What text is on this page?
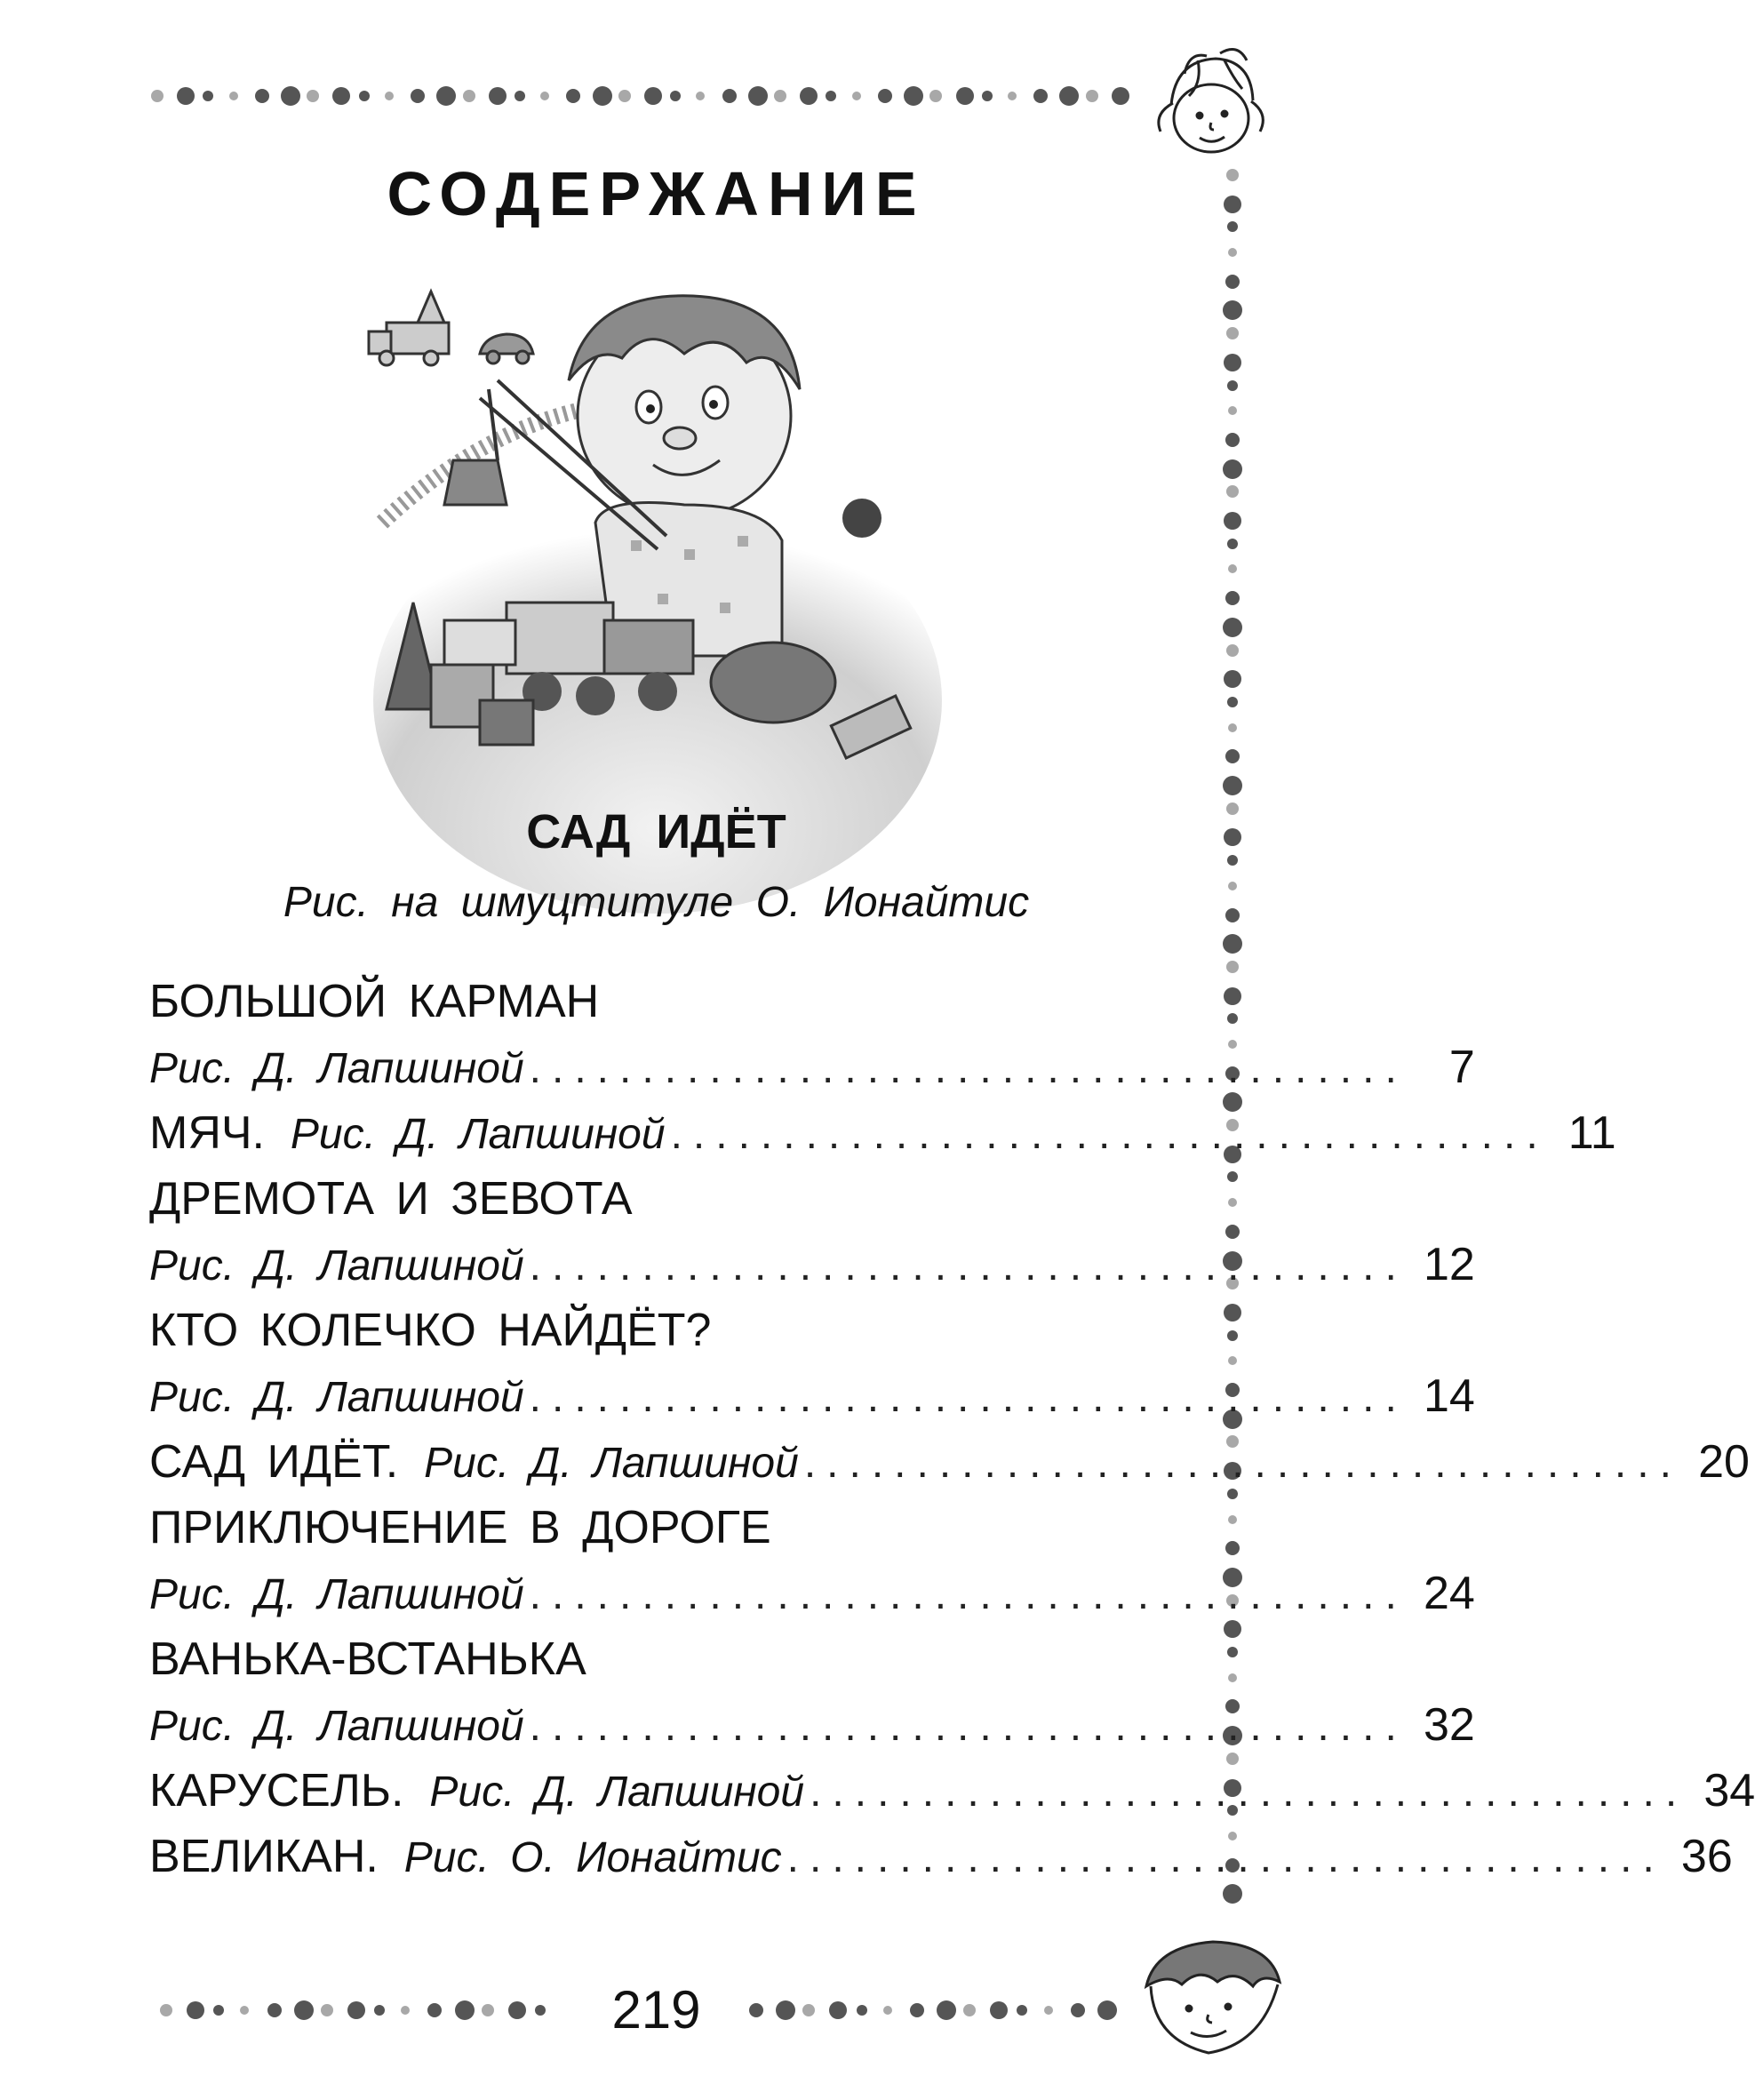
СОДЕРЖАНИЕ
САД ИДЁТ
Рис. на шмуцтитуле О. Ионайтис
БОЛЬШОЙ КАРМАН
Рис. Д. Лапшиной ....................................... 7
МЯЧ.
Рис. Д. Лапшиной ....................................... 11
ДРЕМОТА И ЗЕВОТА
Рис. Д. Лапшиной ....................................... 12
КТО КОЛЕЧКО НАЙДЁТ?
Рис. Д. Лапшиной ....................................... 14
САД ИДЁТ.
Рис. Д. Лапшиной ....................................... 20
ПРИКЛЮЧЕНИЕ В ДОРОГЕ
Рис. Д. Лапшиной ....................................... 24
ВАНЬКА-ВСТАНЬКА
Рис. Д. Лапшиной ....................................... 32
КАРУСЕЛЬ.
Рис. Д. Лапшиной ....................................... 34
ВЕЛИКАН.
Рис. О. Ионайтис ....................................... 36
219
